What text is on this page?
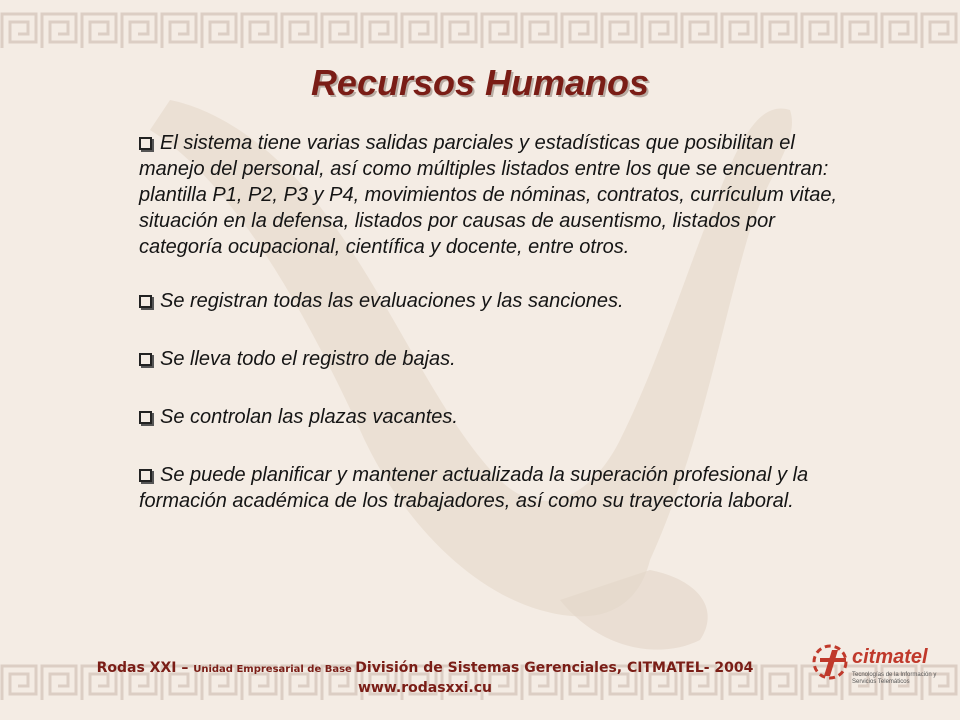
Recursos Humanos
El sistema tiene varias salidas parciales y estadísticas que posibilitan el manejo del personal, así como múltiples listados entre los que se encuentran: plantilla P1, P2, P3 y P4, movimientos de nóminas, contratos, currículum vitae, situación en la defensa, listados por causas de ausentismo, listados por categoría ocupacional, científica y docente, entre otros.
Se registran todas las evaluaciones y las sanciones.
Se lleva todo el registro de bajas.
Se controlan las plazas vacantes.
Se puede planificar y mantener actualizada la superación profesional y la formación académica de los trabajadores, así como su trayectoria laboral.
Rodas XXI – Unidad Empresarial de Base División de Sistemas Gerenciales, CITMATEL- 2004 www.rodasxxi.cu
citmatel
Tecnologías de la Información y Servicios Telemáticos
